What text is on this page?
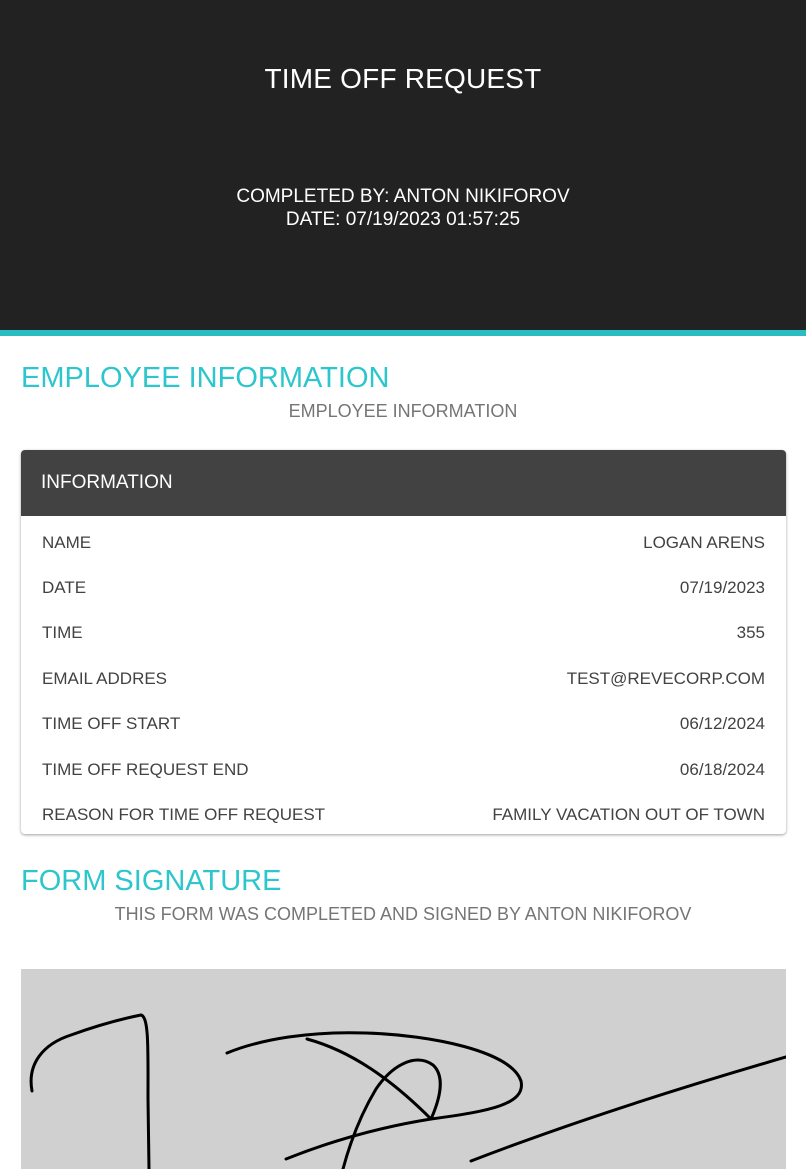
TIME OFF REQUEST
COMPLETED BY: ANTON NIKIFOROV
DATE: 07/19/2023 01:57:25
EMPLOYEE INFORMATION
EMPLOYEE INFORMATION
INFORMATION
NAME	LOGAN ARENS
DATE	07/19/2023
TIME	355
EMAIL ADDRES	TEST@REVECORP.COM
TIME OFF START	06/12/2024
TIME OFF REQUEST END	06/18/2024
REASON FOR TIME OFF REQUEST	FAMILY VACATION OUT OF TOWN
FORM SIGNATURE
THIS FORM WAS COMPLETED AND SIGNED BY ANTON NIKIFOROV
